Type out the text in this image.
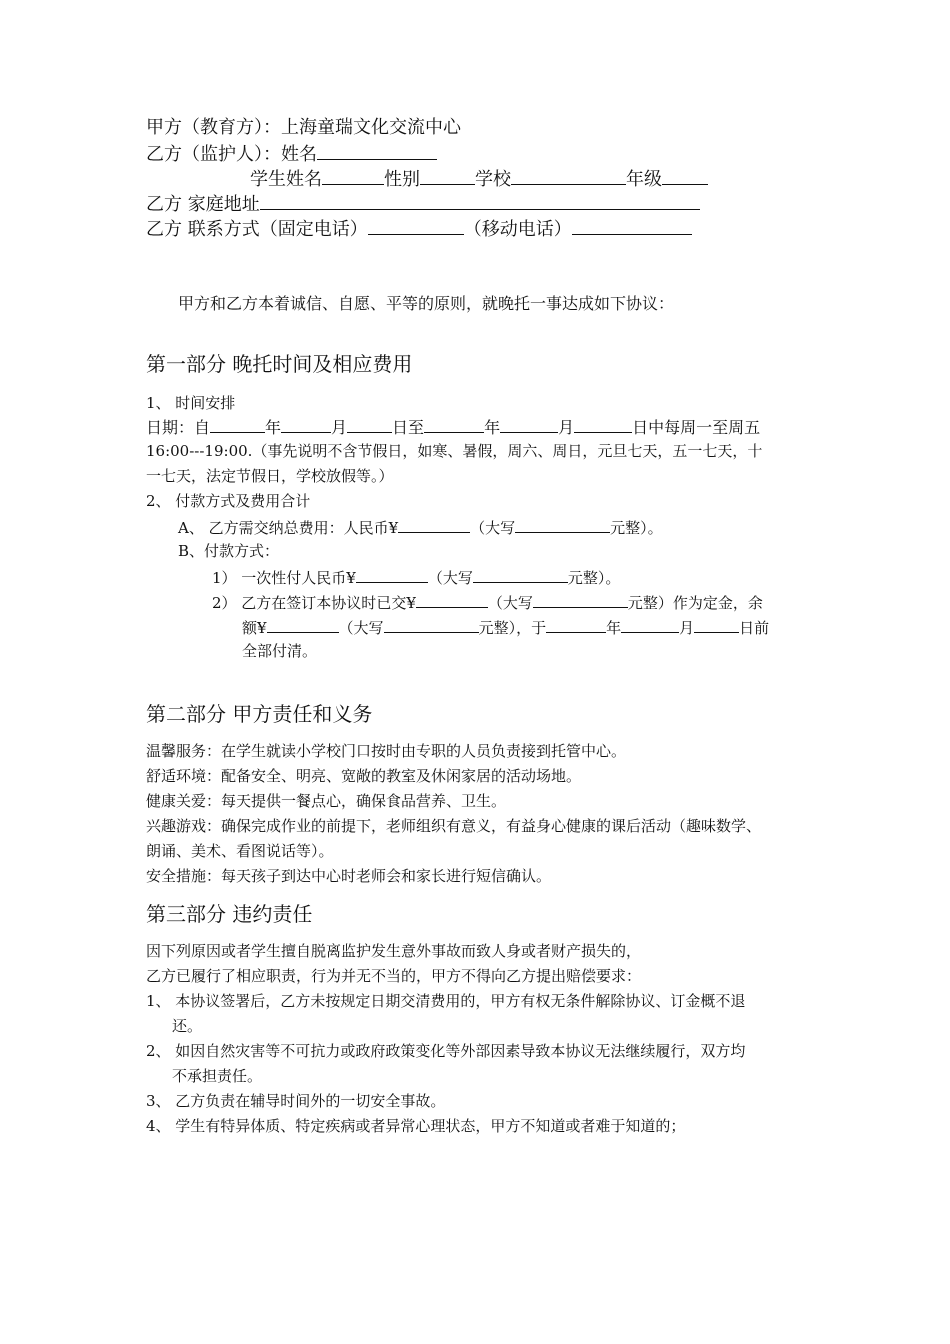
甲方（教育方）：上海童瑞文化交流中心
乙方（监护人）：姓名
学生姓名	性别	学校	年级
乙方 家庭地址
乙方 联系方式（固定电话）	（移动电话）
甲方和乙方本着诚信、自愿、平等的原则，就晚托一事达成如下协议：
第一部分 晚托时间及相应费用
1、 时间安排
日期：自	年	月	日至	年	月	日中每周一至周五
16:00---19:00.（事先说明不含节假日，如寒、暑假，周六、周日，元旦七天，五一七天，十
一七天，法定节假日，学校放假等。）
2、 付款方式及费用合计
A、 乙方需交纳总费用：人民币¥	（大写	元整）。
B、付款方式：
1） 一次性付人民币¥	（大写	元整）。
2） 乙方在签订本协议时已交¥	（大写	元整）作为定金，余
额¥	（大写	元整），于	年	月	日前
全部付清。
第二部分 甲方责任和义务
温馨服务：在学生就读小学校门口按时由专职的人员负责接到托管中心。
舒适环境：配备安全、明亮、宽敞的教室及休闲家居的活动场地。
健康关爱：每天提供一餐点心，确保食品营养、卫生。
兴趣游戏：确保完成作业的前提下，老师组织有意义，有益身心健康的课后活动（趣味数学、
朗诵、美术、看图说话等）。
安全措施：每天孩子到达中心时老师会和家长进行短信确认。
第三部分 违约责任
因下列原因或者学生擅自脱离监护发生意外事故而致人身或者财产损失的，
乙方已履行了相应职责，行为并无不当的，甲方不得向乙方提出赔偿要求：
1、 本协议签署后，乙方未按规定日期交清费用的，甲方有权无条件解除协议、订金概不退
还。
2、 如因自然灾害等不可抗力或政府政策变化等外部因素导致本协议无法继续履行，双方均
不承担责任。
3、 乙方负责在辅导时间外的一切安全事故。
4、 学生有特异体质、特定疾病或者异常心理状态，甲方不知道或者难于知道的；
